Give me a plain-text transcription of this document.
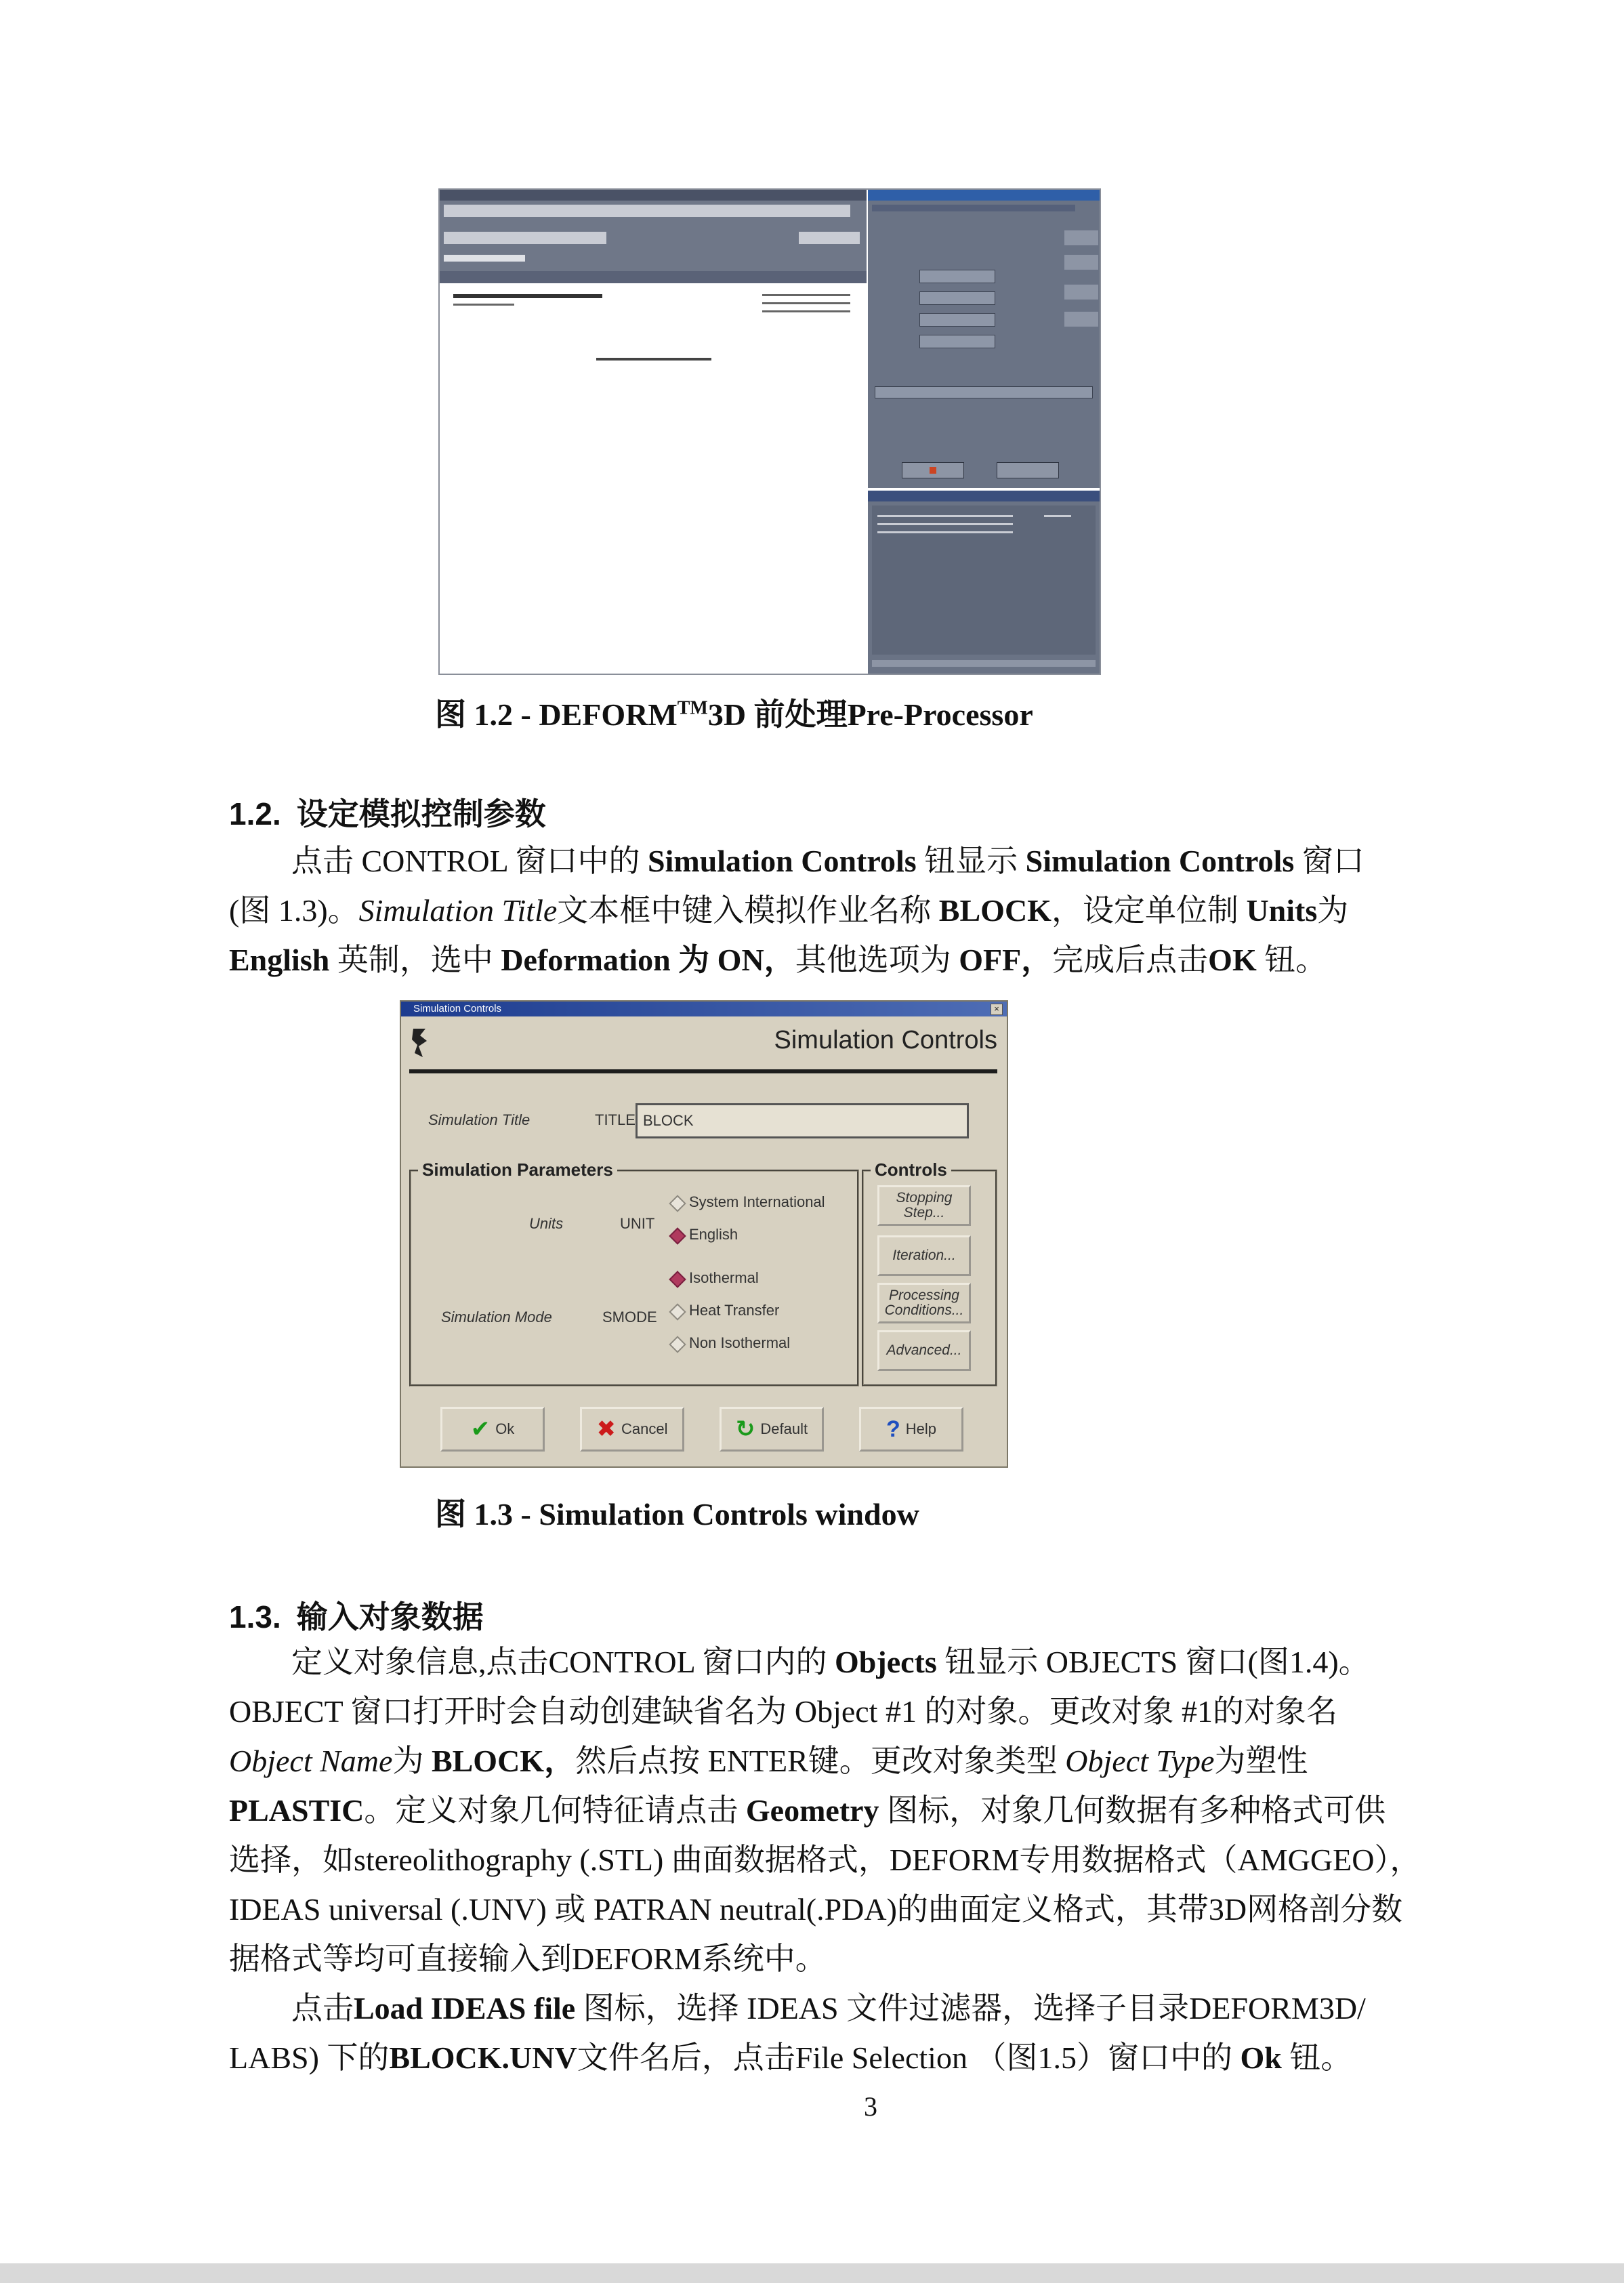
图 1.2 - DEFORM™3D 前处理Pre-Processor
1.2. 设定模拟控制参数
　　点击 CONTROL 窗口中的 Simulation Controls 钮显示 Simulation Controls 窗口
(图 1.3)。Simulation Title文本框中键入模拟作业名称 BLOCK，设定单位制 Units为
English 英制，选中 Deformation 为 ON，其他选项为 OFF，完成后点击OK 钮。
Simulation Controls	×
Simulation Controls
Simulation Title	TITLE BLOCK
Simulation Parameters
Units	UNIT
System International
English
Simulation Mode	SMODE
Isothermal
Heat Transfer
Non Isothermal
Controls
Stopping Step...
Iteration...
Processing Conditions...
Advanced...
✔ Ok	✖ Cancel	↻ Default	? Help
图 1.3 - Simulation Controls window
1.3. 输入对象数据
　　定义对象信息,点击CONTROL 窗口内的 Objects 钮显示 OBJECTS 窗口(图1.4)。
OBJECT 窗口打开时会自动创建缺省名为 Object #1 的对象。更改对象 #1的对象名
Object Name为 BLOCK，然后点按 ENTER键。更改对象类型 Object Type为塑性
PLASTIC。定义对象几何特征请点击 Geometry 图标，对象几何数据有多种格式可供
选择，如stereolithography (.STL) 曲面数据格式，DEFORM专用数据格式（AMGGEO），
IDEAS universal (.UNV) 或 PATRAN neutral(.PDA)的曲面定义格式，其带3D网格剖分数
据格式等均可直接输入到DEFORM系统中。
　　点击Load IDEAS file 图标，选择 IDEAS 文件过滤器，选择子目录DEFORM3D/
LABS) 下的BLOCK.UNV文件名后，点击File Selection （图1.5）窗口中的 Ok 钮。
3
